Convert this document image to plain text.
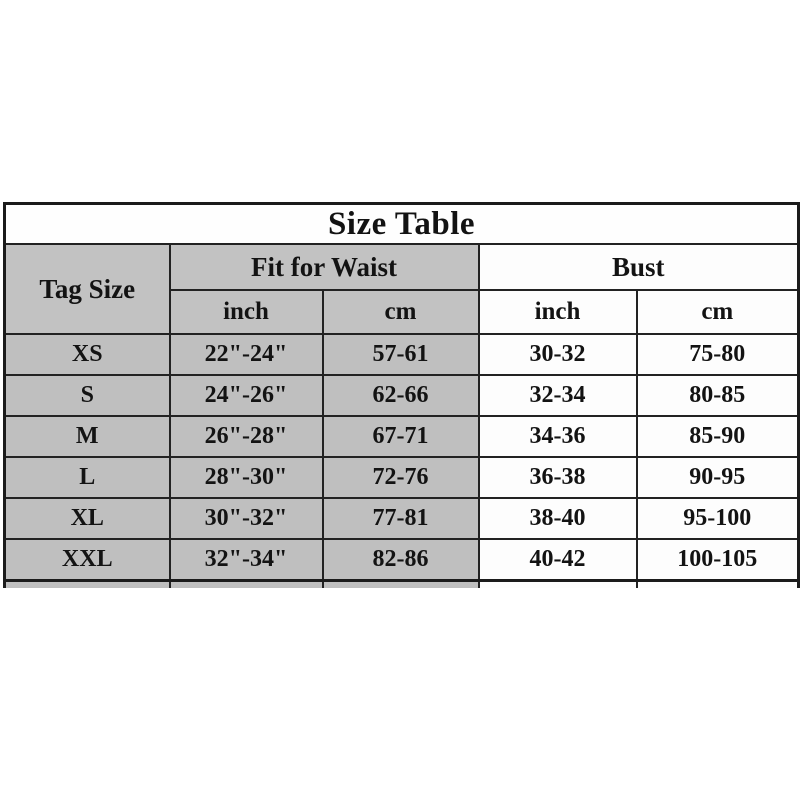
Size Table				
Tag Size	Fit for Waist		Bust	
	inch	cm	inch	cm
XS	22"-24"	57-61	30-32	75-80
S	24"-26"	62-66	32-34	80-85
M	26"-28"	67-71	34-36	85-90
L	28"-30"	72-76	36-38	90-95
XL	30"-32"	77-81	38-40	95-100
XXL	32"-34"	82-86	40-42	100-105
